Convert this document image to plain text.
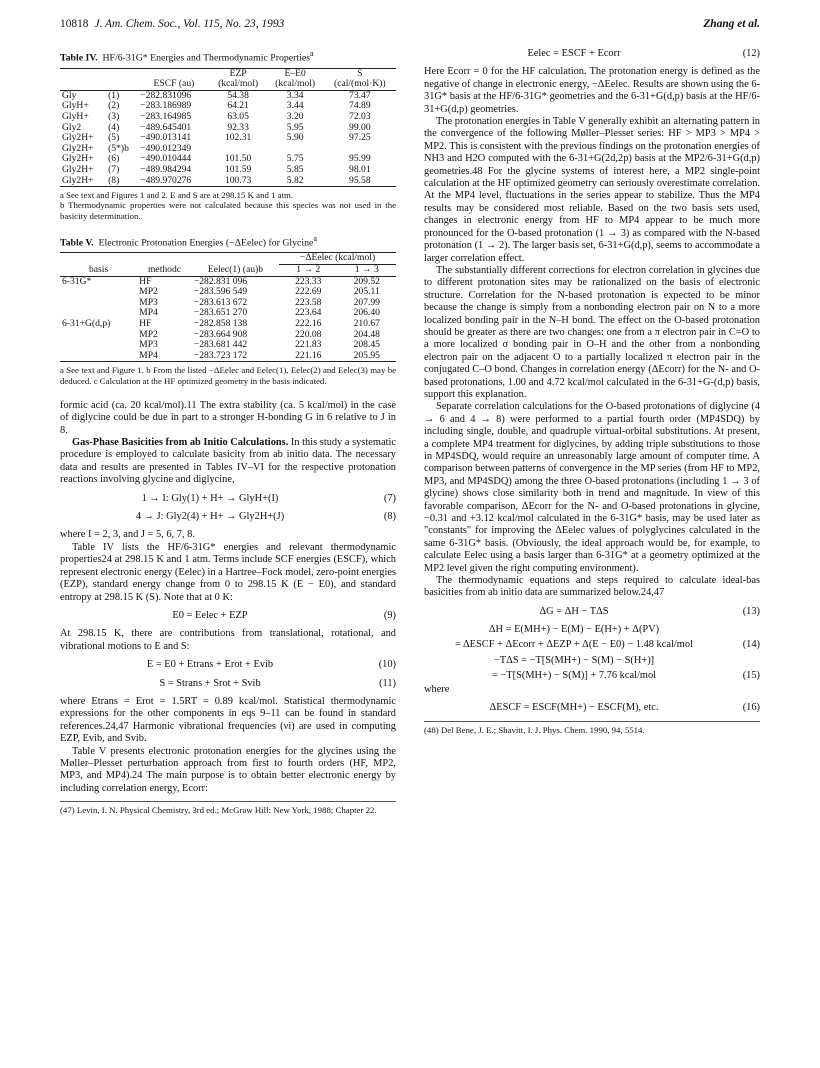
10818 J. Am. Chem. Soc., Vol. 115, No. 23, 1993	Zhang et al.
Table IV. HF/6-31G* Energies and Thermodynamic Properties$^a$
			EZP	E–E0	S
		ESCF (au)	(kcal/mol)	(kcal/mol)	(cal/(mol·K))
Gly	(1)	−282.831096	54.38	3.34	73.47
GlyH+	(2)	−283.186989	64.21	3.44	74.89
GlyH+	(3)	−283.164985	63.05	3.20	72.03
Gly2	(4)	−489.645401	92.33	5.95	99.00
Gly2H+	(5)	−490.013141	102.31	5.90	97.25
Gly2H+	(5*)b	−490.012349			
Gly2H+	(6)	−490.010444	101.50	5.75	95.99
Gly2H+	(7)	−489.984294	101.59	5.85	98.01
Gly2H+	(8)	−489.970276	100.73	5.82	95.58
a See text and Figures 1 and 2. E and S are at 298.15 K and 1 atm.
b Thermodynamic properties were not calculated because this species was not used in the basicity determination.
Table V. Electronic Protonation Energies (−ΔEelec) for Glycine$^a$
			−ΔEelec (kcal/mol)	
basis	methodc	Eelec(1) (au)b	1 → 2	1 → 3
6-31G*	HF	−282.831 096	223.33	209.52
	MP2	−283.596 549	222.69	205.11
	MP3	−283.613 672	223.58	207.99
	MP4	−283.651 270	223.64	206.40
6-31+G(d,p)	HF	−282.858 138	222.16	210.67
	MP2	−283.664 908	220.08	204.48
	MP3	−283.681 442	221.83	208.45
	MP4	−283.723 172	221.16	205.95
a See text and Figure 1. b From the listed −ΔEelec and Eelec(1), Eelec(2) and Eelec(3) may be deduced. c Calculation at the HF optimized geometry in the basis indicated.

formic acid (ca. 20 kcal/mol).11 The extra stability (ca. 5 kcal/mol) in the case of diglycine could be due in part to a stronger H-bonding G in 6 relative to J in 8.

Gas-Phase Basicities from ab Initio Calculations. In this study a systematic procedure is employed to calculate basicity from ab initio data. The necessary data and results are presented in Tables IV–VI for the respective protonation reactions involving glycine and diglycine,

1 → I: Gly(1) + H+ → GlyH+(I)	(7)
4 → J: Gly2(4) + H+ → Gly2H+(J)	(8)

where I = 2, 3, and J = 5, 6, 7, 8.

Table IV lists the HF/6-31G* energies and relevant thermodynamic properties24 at 298.15 K and 1 atm. Terms include SCF energies (ESCF), which represent electronic energy (Eelec) in a Hartree–Fock model, zero-point energies (EZP), standard energy change from 0 to 298.15 K (E − E0), and standard entropy at 298.15 K (S). Note that at 0 K:

E0 = Eelec + EZP	(9)

At 298.15 K, there are contributions from translational, rotational, and vibrational motions to E and S:

E = E0 + Etrans + Erot + Evib	(10)
S = Strans + Srot + Svib	(11)

where Etrans = Erot = 1.5RT = 0.89 kcal/mol. Statistical thermodynamic expressions for the other components in eqs 9–11 can be found in standard references.24,47 Harmonic vibrational frequencies (νi) are used in computing EZP, Evib, and Svib.

Table V presents electronic protonation energies for the glycines using the Møller–Plesset perturbation approach from first to fourth orders (HF, MP2, MP3, and MP4).24 The main purpose is to obtain better electronic energy by including correlation energy, Ecorr:

(47) Levin, I. N. Physical Chemistry, 3rd ed.; McGraw Hill: New York, 1988; Chapter 22.
Eelec = ESCF + Ecorr	(12)

Here Ecorr = 0 for the HF calculation. The protonation energy is defined as the negative of change in electronic energy, −ΔEelec. Results are shown using the 6-31G* basis at the HF/6-31G* geometries and the 6-31+G(d,p) basis at the HF/6-31+G(d,p) geometries.

The protonation energies in Table V generally exhibit an alternating pattern in the convergence of the following Møller–Plesset series: HF > MP3 > MP4 > MP2. This is consistent with the previous findings on the protonation energies of NH3 and H2O computed with the 6-31+G(2d,2p) basis at the MP2/6-31+G(d,p) geometries.48 For the glycine systems of interest here, a MP2 single-point calculation at the HF optimized geometry can seriously overestimate correlation. At the MP4 level, fluctuations in the series appear to stabilize. Thus the MP4 results may be considered most reliable. Based on the two basis sets used, changes in electronic energy from HF to MP4 appear to be much more pronounced for the O-based protonation (1 → 3) as compared with the N-based protonation (1 → 2). The larger basis set, 6-31+G(d,p), seems to accommodate a larger correlation effect.

The substantially different corrections for electron correlation in glycines due to different protonation sites may be rationalized on the basis of electronic structure. Correlation for the N-based protonation is expected to be minor because the change is simply from a nonbonding electron pair on N to a more localized bonding pair in the N–H bond. The effect on the O-based protonation should be greater as there are two changes: one from a π electron pair in C=O to a more localized σ bonding pair in O–H and the other from a nonbonding electron pair on the adjacent O to a partially localized π electron pair in the conjugated C–O bond. Changes in correlation energy (ΔEcorr) for the N- and O-based protonations, 1.00 and 4.72 kcal/mol calculated in the 6-31+G-(d,p) basis, support this explanation.

Separate correlation calculations for the O-based protonations of diglycine (4 → 6 and 4 → 8) were performed to a partial fourth order (MP4SDQ) by including single, double, and quadruple virtual-orbital substitutions. At present, a complete MP4 treatment for diglycines, by adding triple substitutions to those in MP4SDQ, would require an unreasonably large amount of computer time. A comparison between patterns of convergence in the MP series (from HF to MP2, MP3, and MP4SDQ) among the three O-based protonations (including 1 → 3 of glycine) shows close similarity both in trend and magnitude. In view of this favorable comparison, ΔEcorr for the N- and O-based protonations in glycine, −0.31 and +3.12 kcal/mol calculated in the 6-31G* basis, may be used later as "constants" for improving the ΔEelec values of polyglycines calculated in the same 6-31G* basis. (Obviously, the ideal approach would be, for example, to calculate Eelec using a basis larger than 6-31G* at a geometry optimized at the MP2 level given the right computing environment).

The thermodynamic equations and steps required to calculate ideal-bas basicities from ab initio data are summarized below.24,47

ΔG = ΔH − TΔS	(13)
ΔH = E(MH+) − E(M) − E(H+) + Δ(PV)
= ΔESCF + ΔEcorr + ΔEZP + Δ(E − E0) − 1.48 kcal/mol	(14)
−TΔS = −T[S(MH+) − S(M) − S(H+)]
= −T[S(MH+) − S(M)] + 7.76 kcal/mol	(15)

where

ΔESCF = ESCF(MH+) − ESCF(M), etc.	(16)
(48) Del Bene, J. E.; Shavitt, I. J. Phys. Chem. 1990, 94, 5514.
